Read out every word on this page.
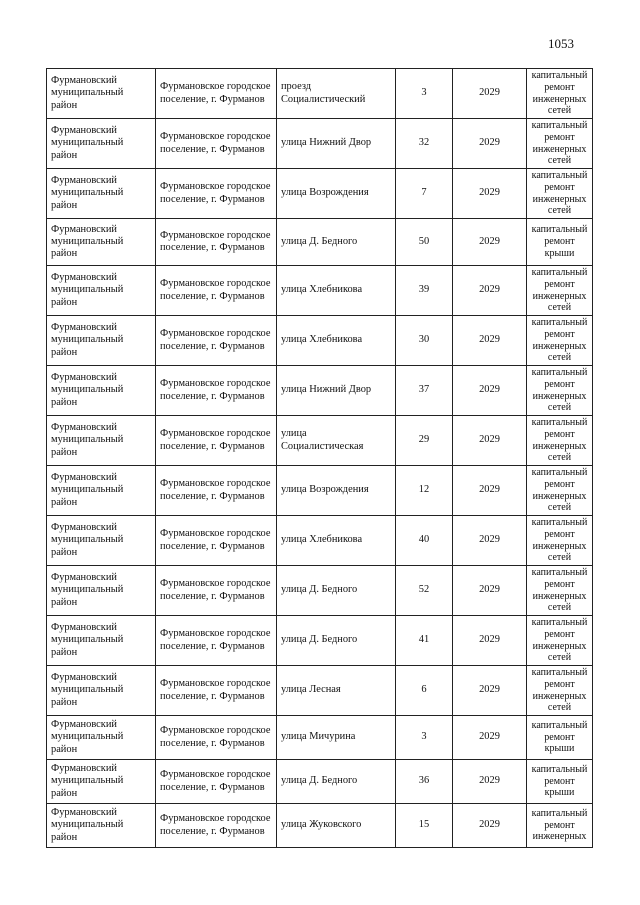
1053
Фурмановский муниципальный район	Фурмановское городское поселение, г. Фурманов	проезд Социалистический	3	2029	капитальный ремонт инженерных сетей
Фурмановский муниципальный район	Фурмановское городское поселение, г. Фурманов	улица Нижний Двор	32	2029	капитальный ремонт инженерных сетей
Фурмановский муниципальный район	Фурмановское городское поселение, г. Фурманов	улица Возрождения	7	2029	капитальный ремонт инженерных сетей
Фурмановский муниципальный район	Фурмановское городское поселение, г. Фурманов	улица Д. Бедного	50	2029	капитальный ремонт крыши
Фурмановский муниципальный район	Фурмановское городское поселение, г. Фурманов	улица Хлебникова	39	2029	капитальный ремонт инженерных сетей
Фурмановский муниципальный район	Фурмановское городское поселение, г. Фурманов	улица Хлебникова	30	2029	капитальный ремонт инженерных сетей
Фурмановский муниципальный район	Фурмановское городское поселение, г. Фурманов	улица Нижний Двор	37	2029	капитальный ремонт инженерных сетей
Фурмановский муниципальный район	Фурмановское городское поселение, г. Фурманов	улица Социалистическая	29	2029	капитальный ремонт инженерных сетей
Фурмановский муниципальный район	Фурмановское городское поселение, г. Фурманов	улица Возрождения	12	2029	капитальный ремонт инженерных сетей
Фурмановский муниципальный район	Фурмановское городское поселение, г. Фурманов	улица Хлебникова	40	2029	капитальный ремонт инженерных сетей
Фурмановский муниципальный район	Фурмановское городское поселение, г. Фурманов	улица Д. Бедного	52	2029	капитальный ремонт инженерных сетей
Фурмановский муниципальный район	Фурмановское городское поселение, г. Фурманов	улица Д. Бедного	41	2029	капитальный ремонт инженерных сетей
Фурмановский муниципальный район	Фурмановское городское поселение, г. Фурманов	улица Лесная	6	2029	капитальный ремонт инженерных сетей
Фурмановский муниципальный район	Фурмановское городское поселение, г. Фурманов	улица Мичурина	3	2029	капитальный ремонт крыши
Фурмановский муниципальный район	Фурмановское городское поселение, г. Фурманов	улица Д. Бедного	36	2029	капитальный ремонт крыши
Фурмановский муниципальный район	Фурмановское городское поселение, г. Фурманов	улица Жуковского	15	2029	капитальный ремонт инженерных
